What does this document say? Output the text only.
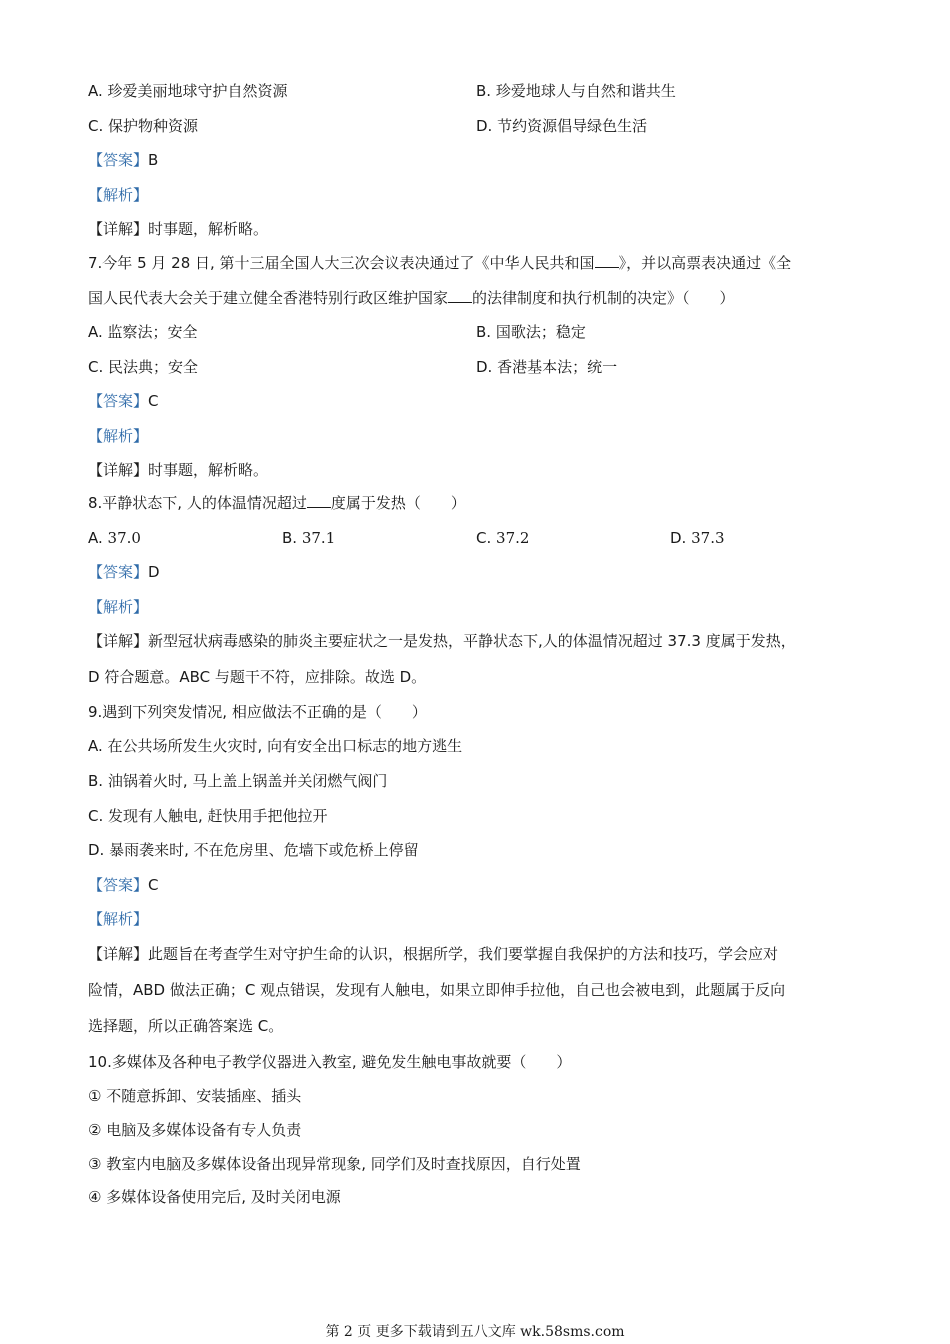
A. 珍爱美丽地球守护自然资源	B. 珍爱地球人与自然和谐共生
C. 保护物种资源	D. 节约资源倡导绿色生活
【答案】B
【解析】
【详解】时事题，解析略。
7.今年 5 月 28 日, 第十三届全国人大三次会议表决通过了《中华人民共和国 》，并以高票表决通过《全
国人民代表大会关于建立健全香港特别行政区维护国家 的法律制度和执行机制的决定》（　　）
A. 监察法；安全	B. 国歌法；稳定
C. 民法典；安全	D. 香港基本法；统一
【答案】C
【解析】
【详解】时事题，解析略。
8.平静状态下, 人的体温情况超过 度属于发热（　　）
A. 37.0	B. 37.1	C. 37.2	D. 37.3
【答案】D
【解析】
【详解】新型冠状病毒感染的肺炎主要症状之一是发热，平静状态下,人的体温情况超过 37.3 度属于发热，
D 符合题意。ABC 与题干不符，应排除。故选 D。
9.遇到下列突发情况, 相应做法不正确的是（　　）
A. 在公共场所发生火灾时, 向有安全出口标志的地方逃生
B. 油锅着火时, 马上盖上锅盖并关闭燃气阀门
C. 发现有人触电, 赶快用手把他拉开
D. 暴雨袭来时, 不在危房里、危墙下或危桥上停留
【答案】C
【解析】
【详解】此题旨在考查学生对守护生命的认识，根据所学，我们要掌握自我保护的方法和技巧，学会应对
险情，ABD 做法正确；C 观点错误，发现有人触电，如果立即伸手拉他，自己也会被电到，此题属于反向
选择题，所以正确答案选 C。
10.多媒体及各种电子教学仪器进入教室, 避免发生触电事故就要（　　）
① 不随意拆卸、安装插座、插头
② 电脑及多媒体设备有专人负责
③ 教室内电脑及多媒体设备出现异常现象, 同学们及时查找原因，自行处置
④ 多媒体设备使用完后, 及时关闭电源
第 2 页 更多下载请到五八文库 wk.58sms.com
